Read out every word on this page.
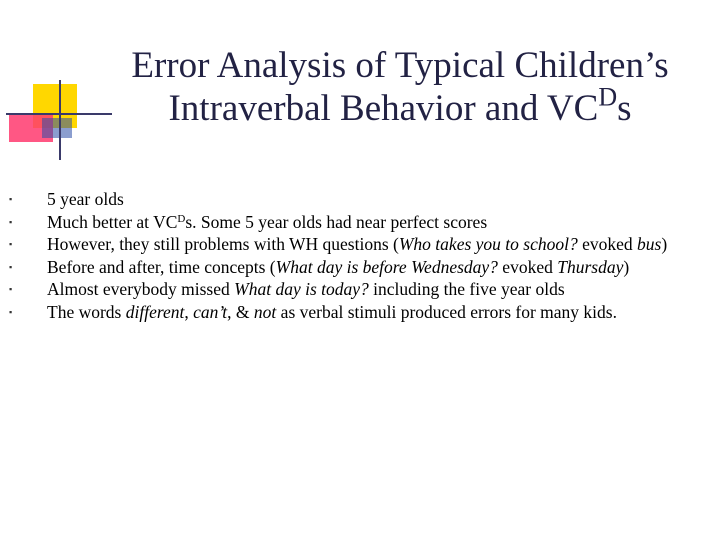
Error Analysis of Typical Children’s
Intraverbal Behavior and $VC^Ds$
▪ 5 year olds
▪ Much better at $VC^Ds$. Some 5 year olds had near perfect scores
▪ However, they still problems with WH questions (Who takes you to school? evoked bus)
▪ Before and after, time concepts (What day is before Wednesday? evoked Thursday)
▪ Almost everybody missed What day is today? including the five year olds
▪ The words different, can’t, & not as verbal stimuli produced errors for many kids.
